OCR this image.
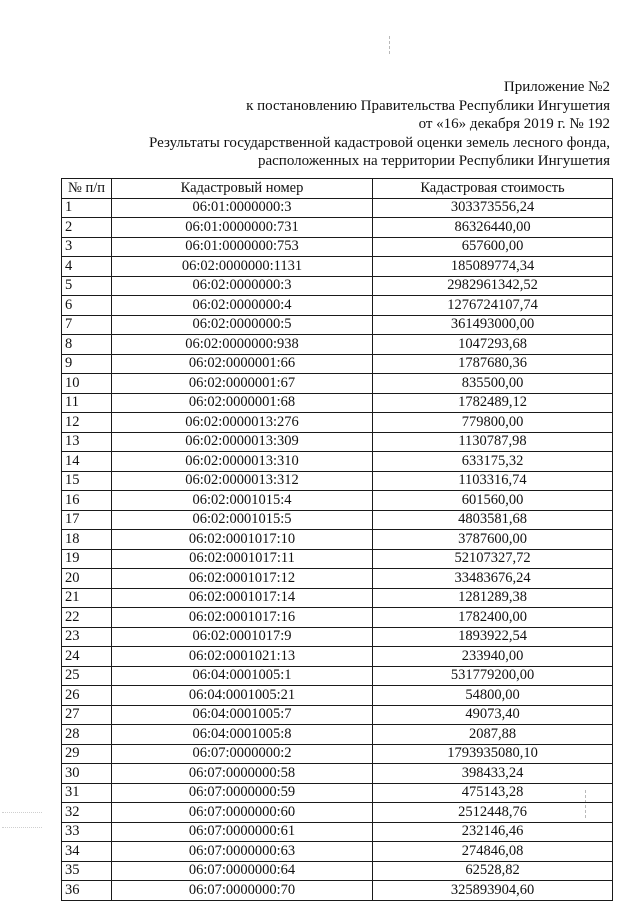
Приложение №2
к постановлению Правительства Республики Ингушетия
от «16» декабря 2019 г. № 192
Результаты государственной кадастровой оценки земель лесного фонда,
расположенных на территории Республики Ингушетия
№ п/п	Кадастровый номер	Кадастровая стоимость
1	06:01:0000000:3	303373556,24
2	06:01:0000000:731	86326440,00
3	06:01:0000000:753	657600,00
4	06:02:0000000:1131	185089774,34
5	06:02:0000000:3	2982961342,52
6	06:02:0000000:4	1276724107,74
7	06:02:0000000:5	361493000,00
8	06:02:0000000:938	1047293,68
9	06:02:0000001:66	1787680,36
10	06:02:0000001:67	835500,00
11	06:02:0000001:68	1782489,12
12	06:02:0000013:276	779800,00
13	06:02:0000013:309	1130787,98
14	06:02:0000013:310	633175,32
15	06:02:0000013:312	1103316,74
16	06:02:0001015:4	601560,00
17	06:02:0001015:5	4803581,68
18	06:02:0001017:10	3787600,00
19	06:02:0001017:11	52107327,72
20	06:02:0001017:12	33483676,24
21	06:02:0001017:14	1281289,38
22	06:02:0001017:16	1782400,00
23	06:02:0001017:9	1893922,54
24	06:02:0001021:13	233940,00
25	06:04:0001005:1	531779200,00
26	06:04:0001005:21	54800,00
27	06:04:0001005:7	49073,40
28	06:04:0001005:8	2087,88
29	06:07:0000000:2	1793935080,10
30	06:07:0000000:58	398433,24
31	06:07:0000000:59	475143,28
32	06:07:0000000:60	2512448,76
33	06:07:0000000:61	232146,46
34	06:07:0000000:63	274846,08
35	06:07:0000000:64	62528,82
36	06:07:0000000:70	325893904,60
